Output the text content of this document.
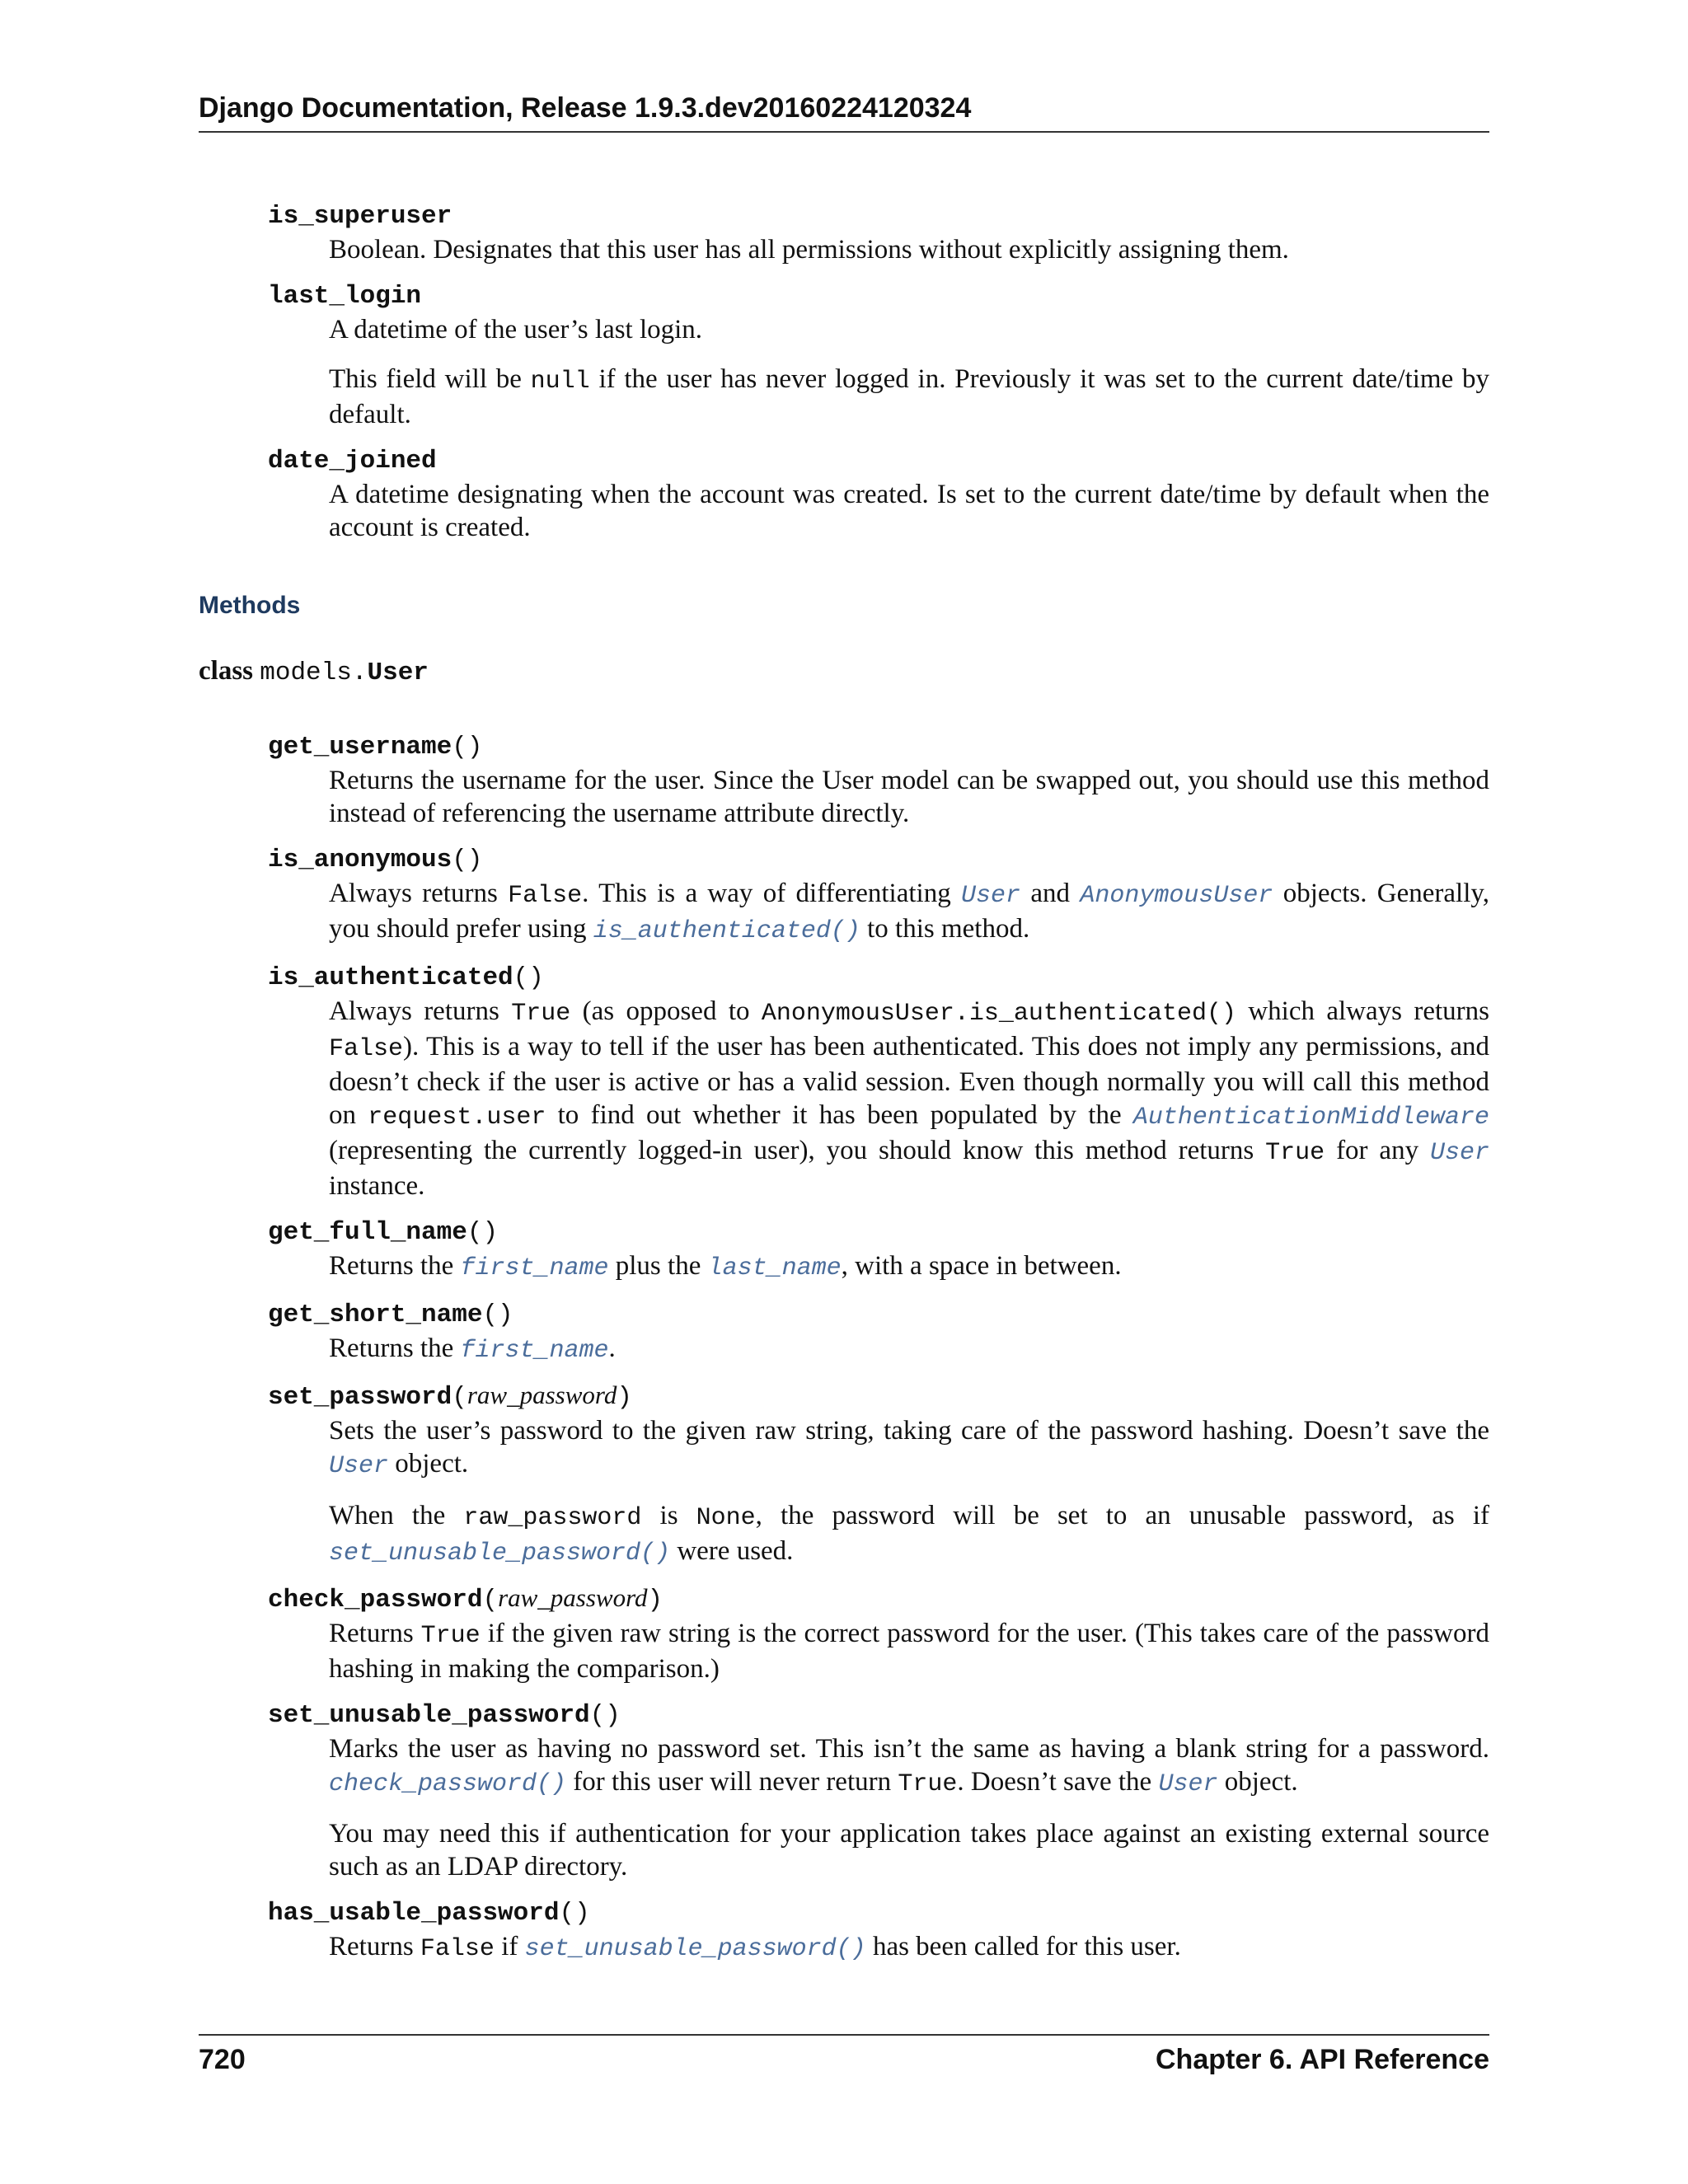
Django Documentation, Release 1.9.3.dev20160224120324
is_superuser

Boolean. Designates that this user has all permissions without explicitly assigning them.

last_login

A datetime of the user’s last login.

This field will be null if the user has never logged in. Previously it was set to the current date/time by default.

date_joined

A datetime designating when the account was created. Is set to the current date/time by default when the account is created.

Methods
class models.User
get_username()

Returns the username for the user. Since the User model can be swapped out, you should use this method instead of referencing the username attribute directly.

is_anonymous()

Always returns False. This is a way of differentiating User and AnonymousUser objects. Generally, you should prefer using is_authenticated() to this method.

is_authenticated()

Always returns True (as opposed to AnonymousUser.is_authenticated() which always returns False). This is a way to tell if the user has been authenticated. This does not imply any permissions, and doesn’t check if the user is active or has a valid session. Even though normally you will call this method on request.user to find out whether it has been populated by the AuthenticationMiddleware (representing the currently logged-in user), you should know this method returns True for any User instance.

get_full_name()

Returns the first_name plus the last_name, with a space in between.

get_short_name()

Returns the first_name.

set_password(raw_password)

Sets the user’s password to the given raw string, taking care of the password hashing. Doesn’t save the User object.

When the raw_password is None, the password will be set to an unusable password, as if set_unusable_password() were used.

check_password(raw_password)

Returns True if the given raw string is the correct password for the user. (This takes care of the password hashing in making the comparison.)

set_unusable_password()

Marks the user as having no password set. This isn’t the same as having a blank string for a password. check_password() for this user will never return True. Doesn’t save the User object.

You may need this if authentication for your application takes place against an existing external source such as an LDAP directory.

has_usable_password()

Returns False if set_unusable_password() has been called for this user.

720	Chapter 6. API Reference
